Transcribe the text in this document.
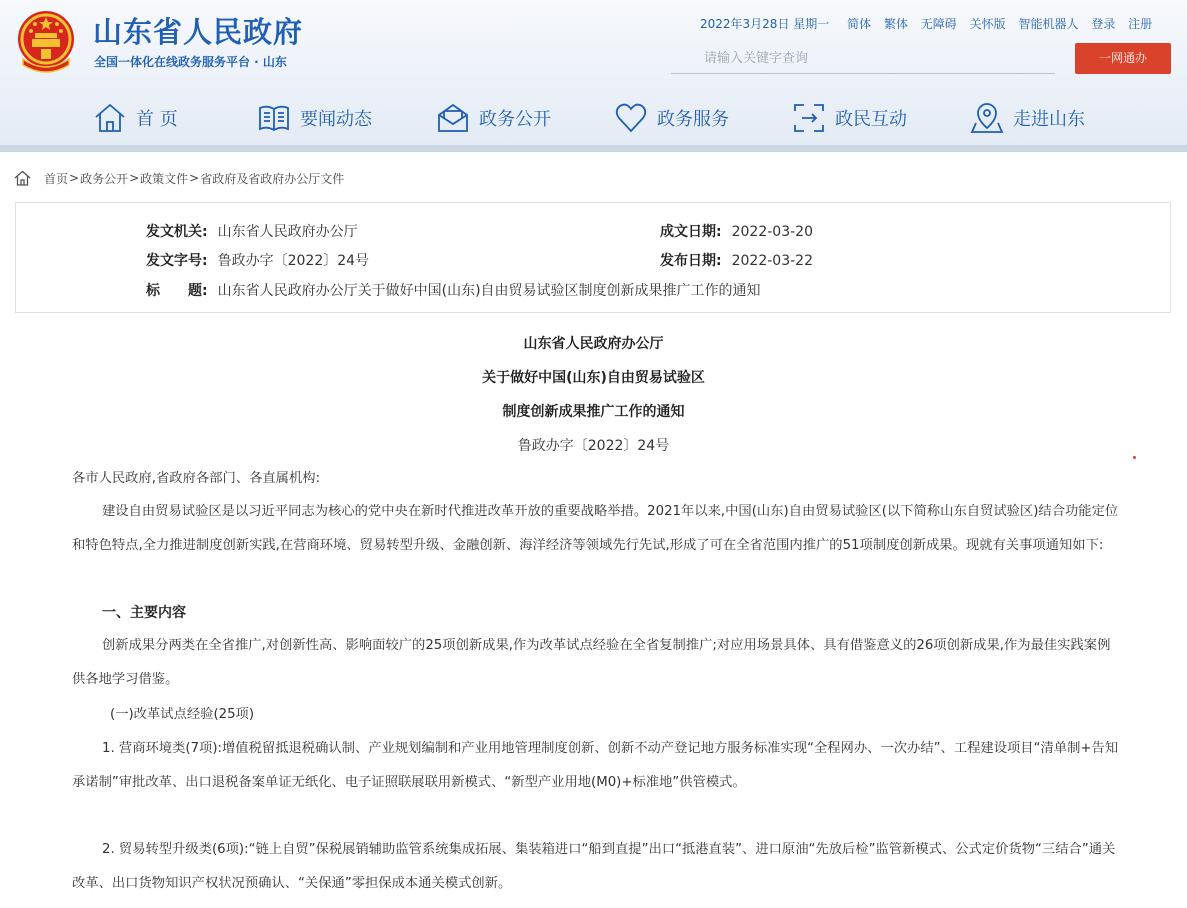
山东省人民政府
全国一体化在线政务服务平台 · 山东
2022年3月28日 星期一 简体 繁体 无障碍 关怀版 智能机器人 登录 注册
请输入关键字查询
一网通办
首 页	要闻动态	政务公开	政务服务	政民互动	走进山东
首页 > 政务公开 > 政策文件 > 省政府及省政府办公厅文件
发文机关: 山东省人民政府办公厅	成文日期: 2022-03-20
发文字号: 鲁政办字〔2022〕24号	发布日期: 2022-03-22
标　　题: 山东省人民政府办公厅关于做好中国(山东)自由贸易试验区制度创新成果推广工作的通知
山东省人民政府办公厅
关于做好中国(山东)自由贸易试验区
制度创新成果推广工作的通知
鲁政办字〔2022〕24号
各市人民政府,省政府各部门、各直属机构:
建设自由贸易试验区是以习近平同志为核心的党中央在新时代推进改革开放的重要战略举措。2021年以来,中国(山东)自由贸易试验区(以下简称山东自贸试验区)结合功能定位和特色特点,全力推进制度创新实践,在营商环境、贸易转型升级、金融创新、海洋经济等领域先行先试,形成了可在全省范围内推广的51项制度创新成果。现就有关事项通知如下:
一、主要内容
创新成果分两类在全省推广,对创新性高、影响面较广的25项创新成果,作为改革试点经验在全省复制推广;对应用场景具体、具有借鉴意义的26项创新成果,作为最佳实践案例供各地学习借鉴。
(一)改革试点经验(25项)
1. 营商环境类(7项):增值税留抵退税确认制、产业规划编制和产业用地管理制度创新、创新不动产登记地方服务标准实现“全程网办、一次办结”、工程建设项目“清单制+告知承诺制”审批改革、出口退税备案单证无纸化、电子证照联展联用新模式、“新型产业用地(M0)+标准地”供管模式。
2. 贸易转型升级类(6项):“链上自贸”保税展销辅助监管系统集成拓展、集装箱进口“船到直提”出口“抵港直装”、进口原油“先放后检”监管新模式、公式定价货物“三结合”通关改革、出口货物知识产权状况预确认、“关保通”零担保成本通关模式创新。
